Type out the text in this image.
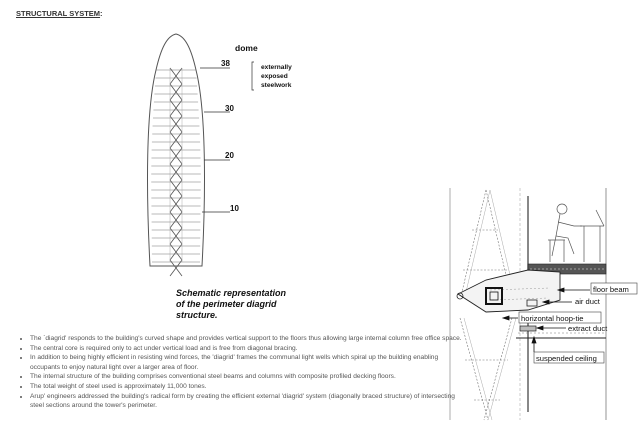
STRUCTURAL SYSTEM:
dome
38
30
20
10
externally
exposed
steelwork
Schematic representation
of the perimeter diagrid
structure.
floor beam
air duct
horizontal hoop-tie
extract duct
suspended ceiling
• The `diagrid' responds to the building's curved shape and provides vertical support to the floors thus allowing large internal column free office space.
• The central core is required only to act under vertical load and is free from diagonal bracing.
• In addition to being highly efficient in resisting wind forces, the 'diagrid' frames the communal light wells which spiral up the building enabling occupants to enjoy natural light over a larger area of floor.
• The internal structure of the building comprises conventional steel beams and columns with composite profiled decking floors.
• The total weight of steel used is approximately 11,000 tones.
• Arup' engineers addressed the building's radical form by creating the efficient external 'diagrid' system (diagonally braced structure) of intersecting steel sections around the tower's perimeter.
